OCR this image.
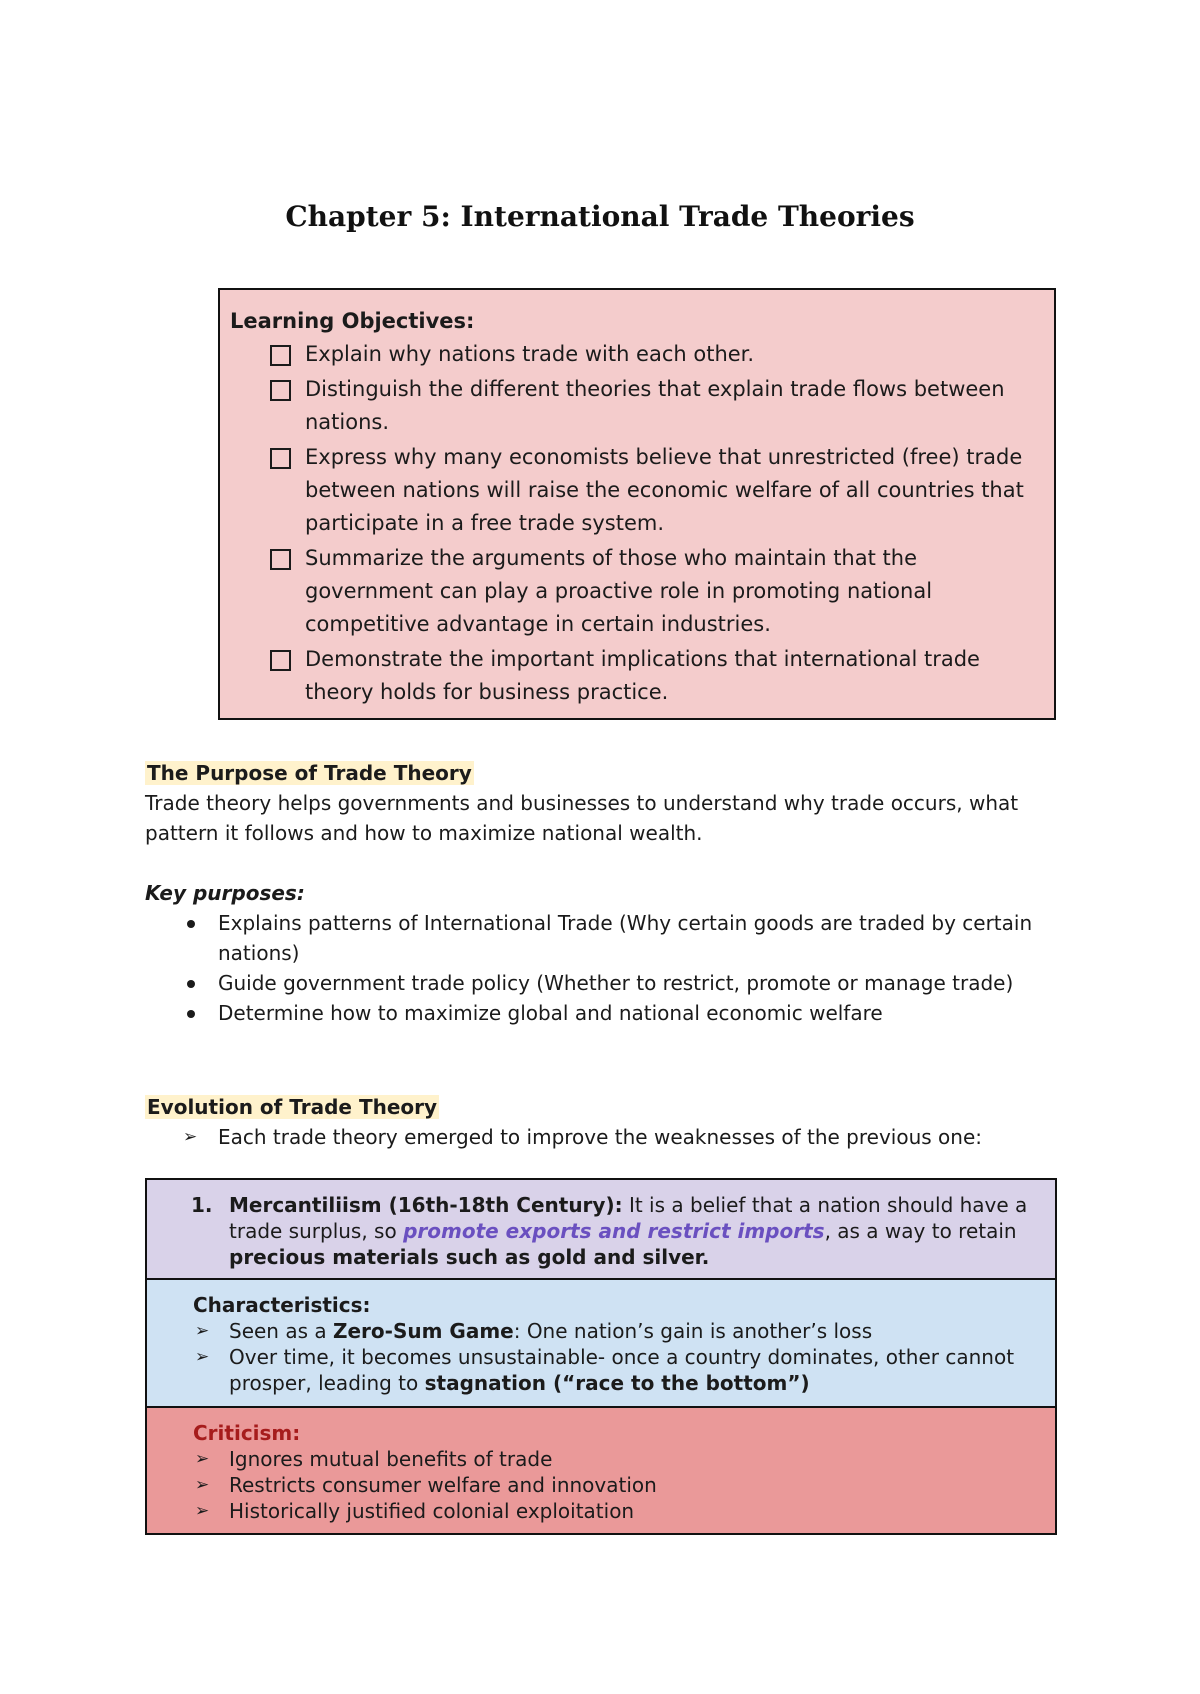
Chapter 5: International Trade Theories
Learning Objectives:
Explain why nations trade with each other.
Distinguish the different theories that explain trade flows between nations.
Express why many economists believe that unrestricted (free) trade between nations will raise the economic welfare of all countries that participate in a free trade system.
Summarize the arguments of those who maintain that the government can play a proactive role in promoting national competitive advantage in certain industries.
Demonstrate the important implications that international trade theory holds for business practice.
The Purpose of Trade Theory
Trade theory helps governments and businesses to understand why trade occurs, what pattern it follows and how to maximize national wealth.
Key purposes:
Explains patterns of International Trade (Why certain goods are traded by certain nations)
Guide government trade policy (Whether to restrict, promote or manage trade)
Determine how to maximize global and national economic welfare
Evolution of Trade Theory
➢ Each trade theory emerged to improve the weaknesses of the previous one:
1. Mercantiliism (16th-18th Century): It is a belief that a nation should have a trade surplus, so promote exports and restrict imports, as a way to retain precious materials such as gold and silver.
Characteristics:
➢ Seen as a Zero-Sum Game: One nation’s gain is another’s loss
➢ Over time, it becomes unsustainable- once a country dominates, other cannot prosper, leading to stagnation (“race to the bottom”)
Criticism:
➢ Ignores mutual benefits of trade
➢ Restricts consumer welfare and innovation
➢ Historically justified colonial exploitation
